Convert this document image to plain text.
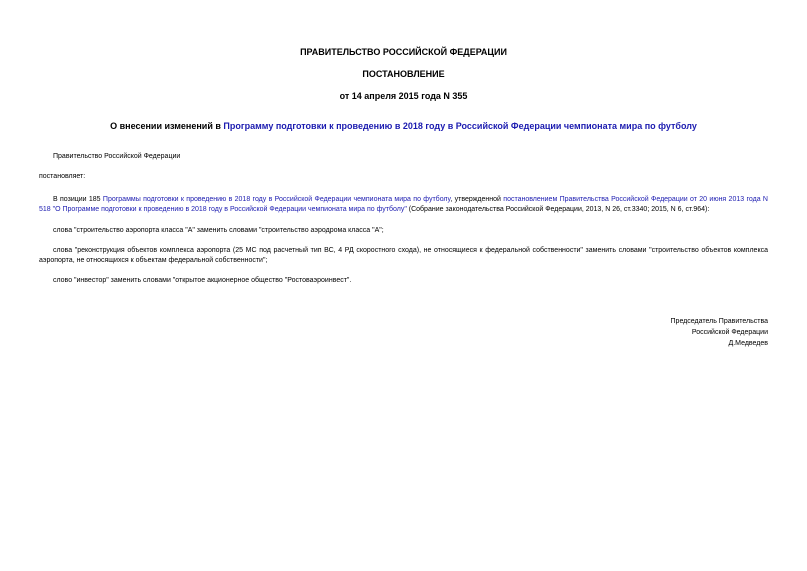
ПРАВИТЕЛЬСТВО РОССИЙСКОЙ ФЕДЕРАЦИИ
ПОСТАНОВЛЕНИЕ
от 14 апреля 2015 года N 355
О внесении изменений в Программу подготовки к проведению в 2018 году в Российской Федерации чемпионата мира по футболу
Правительство Российской Федерации
постановляет:
В позиции 185 Программы подготовки к проведению в 2018 году в Российской Федерации чемпионата мира по футболу, утвержденной постановлением Правительства Российской Федерации от 20 июня 2013 года N 518 "О Программе подготовки к проведению в 2018 году в Российской Федерации чемпионата мира по футболу" (Собрание законодательства Российской Федерации, 2013, N 26, ст.3340; 2015, N 6, ст.964):
слова "строительство аэропорта класса "А" заменить словами "строительство аэродрома класса "А";
слова "реконструкция объектов комплекса аэропорта (25 МС под расчетный тип ВС, 4 РД скоростного схода), не относящиеся к федеральной собственности" заменить словами "строительство объектов комплекса аэропорта, не относящихся к объектам федеральной собственности";
слово "инвестор" заменить словами "открытое акционерное общество "Ростоваэроинвест".
Председатель Правительства
Российской Федерации
Д.Медведев
